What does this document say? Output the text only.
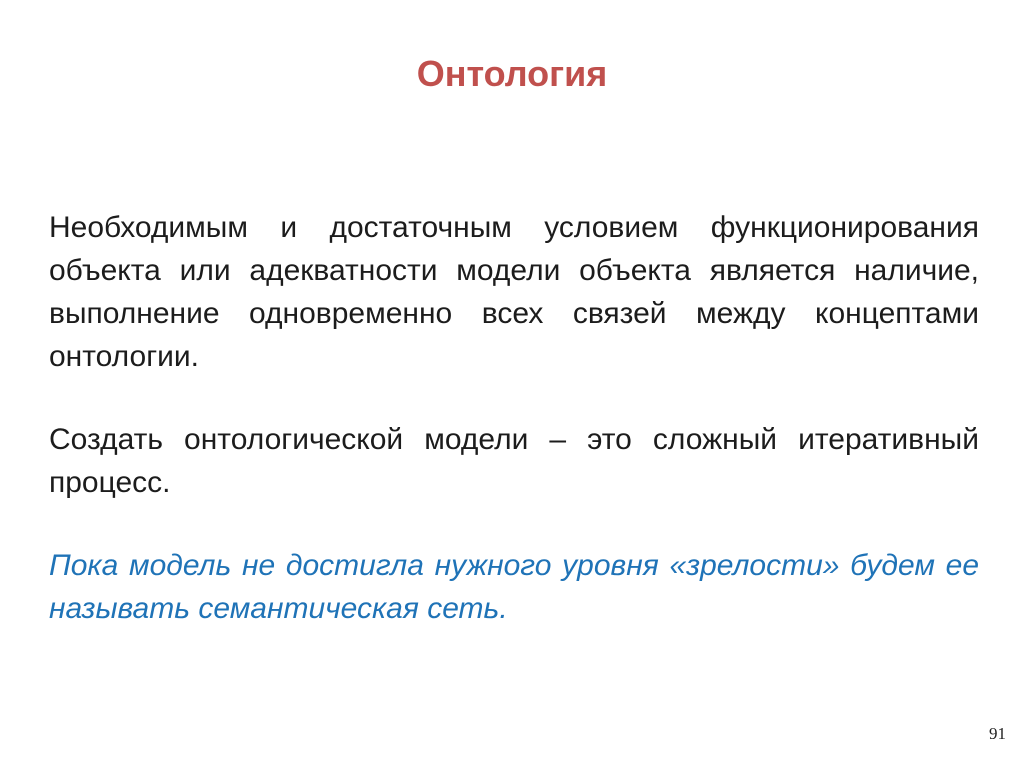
Онтология

Необходимым и достаточным условием функционирования объекта или адекватности модели объекта является наличие, выполнение одновременно всех связей между концептами онтологии.

Создать онтологической модели – это сложный итеративный процесс.

Пока модель не достигла нужного уровня «зрелости» будем ее называть семантическая сеть.

91
